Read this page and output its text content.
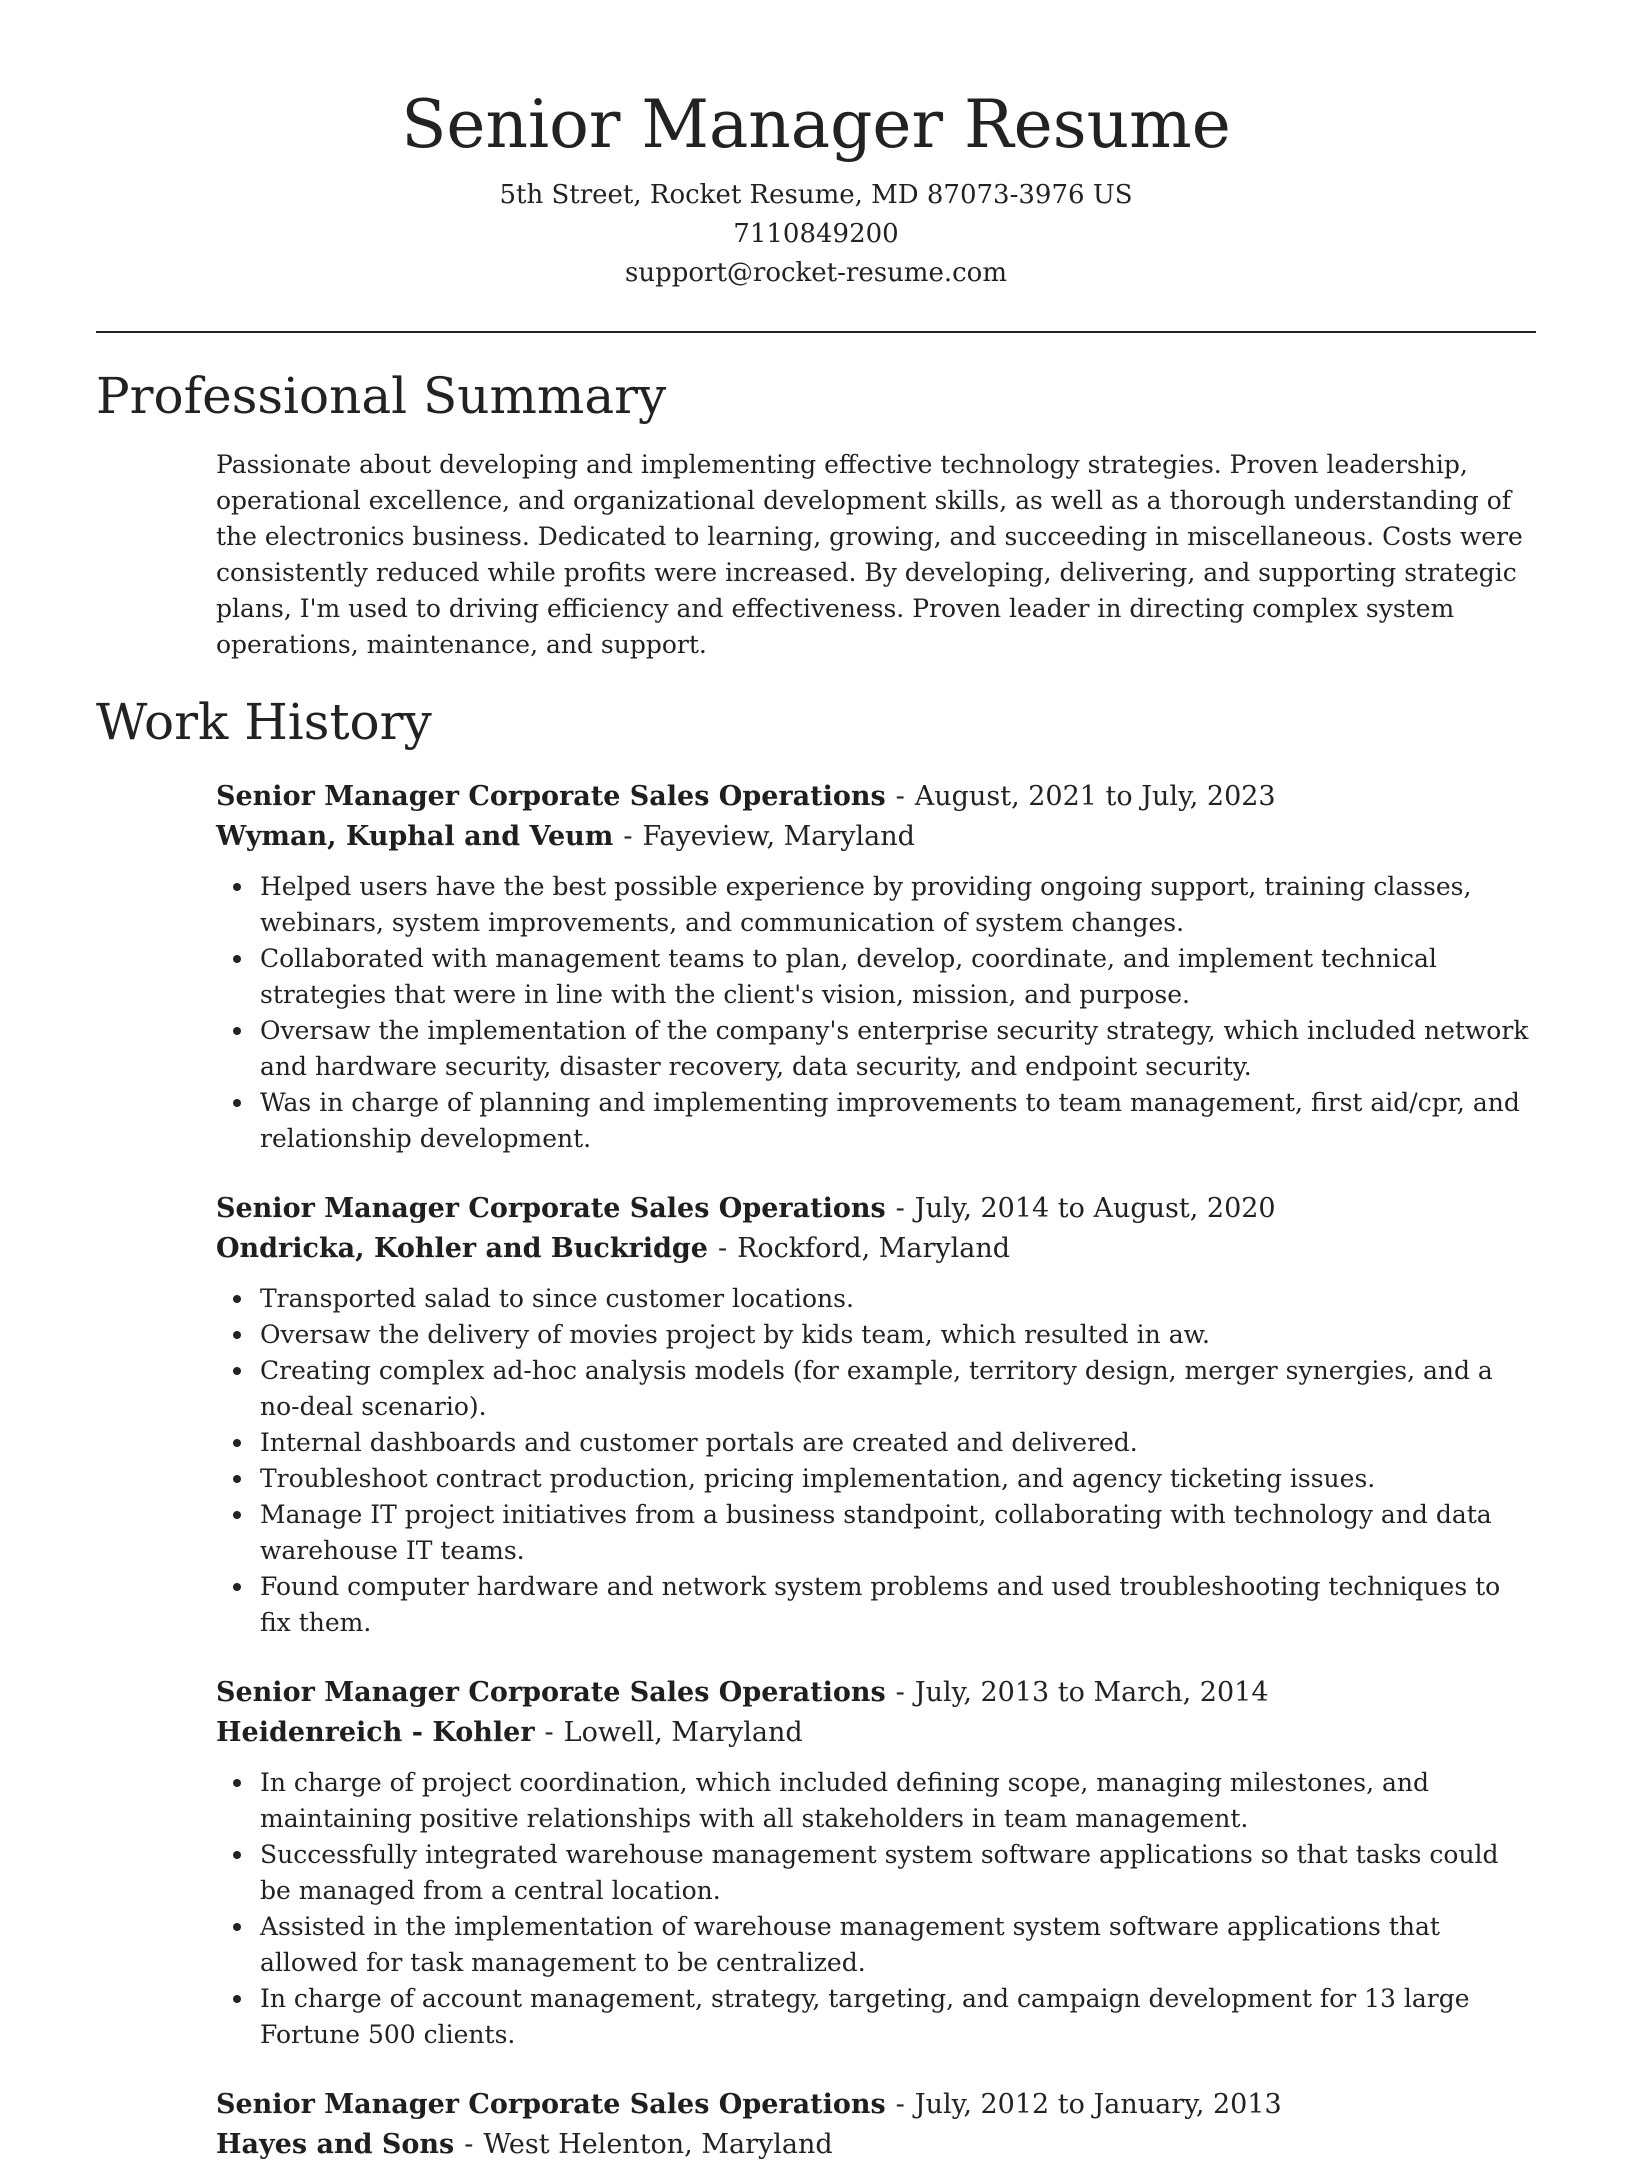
Senior Manager Resume
5th Street, Rocket Resume, MD 87073-3976 US
7110849200
support@rocket-resume.com
Professional Summary

Passionate about developing and implementing effective technology strategies. Proven leadership, operational excellence, and organizational development skills, as well as a thorough understanding of the electronics business. Dedicated to learning, growing, and succeeding in miscellaneous. Costs were consistently reduced while profits were increased. By developing, delivering, and supporting strategic plans, I'm used to driving efficiency and effectiveness. Proven leader in directing complex system operations, maintenance, and support.

Work History
Senior Manager Corporate Sales Operations - August, 2021 to July, 2023
Wyman, Kuphal and Veum - Fayeview, Maryland
Helped users have the best possible experience by providing ongoing support, training classes, webinars, system improvements, and communication of system changes.
Collaborated with management teams to plan, develop, coordinate, and implement technical strategies that were in line with the client's vision, mission, and purpose.
Oversaw the implementation of the company's enterprise security strategy, which included network and hardware security, disaster recovery, data security, and endpoint security.
Was in charge of planning and implementing improvements to team management, first aid/cpr, and relationship development.
Senior Manager Corporate Sales Operations - July, 2014 to August, 2020
Ondricka, Kohler and Buckridge - Rockford, Maryland
Transported salad to since customer locations.
Oversaw the delivery of movies project by kids team, which resulted in aw.
Creating complex ad-hoc analysis models (for example, territory design, merger synergies, and a no-deal scenario).
Internal dashboards and customer portals are created and delivered.
Troubleshoot contract production, pricing implementation, and agency ticketing issues.
Manage IT project initiatives from a business standpoint, collaborating with technology and data warehouse IT teams.
Found computer hardware and network system problems and used troubleshooting techniques to fix them.
Senior Manager Corporate Sales Operations - July, 2013 to March, 2014
Heidenreich - Kohler - Lowell, Maryland
In charge of project coordination, which included defining scope, managing milestones, and maintaining positive relationships with all stakeholders in team management.
Successfully integrated warehouse management system software applications so that tasks could be managed from a central location.
Assisted in the implementation of warehouse management system software applications that allowed for task management to be centralized.
In charge of account management, strategy, targeting, and campaign development for 13 large Fortune 500 clients.
Senior Manager Corporate Sales Operations - July, 2012 to January, 2013
Hayes and Sons - West Helenton, Maryland
